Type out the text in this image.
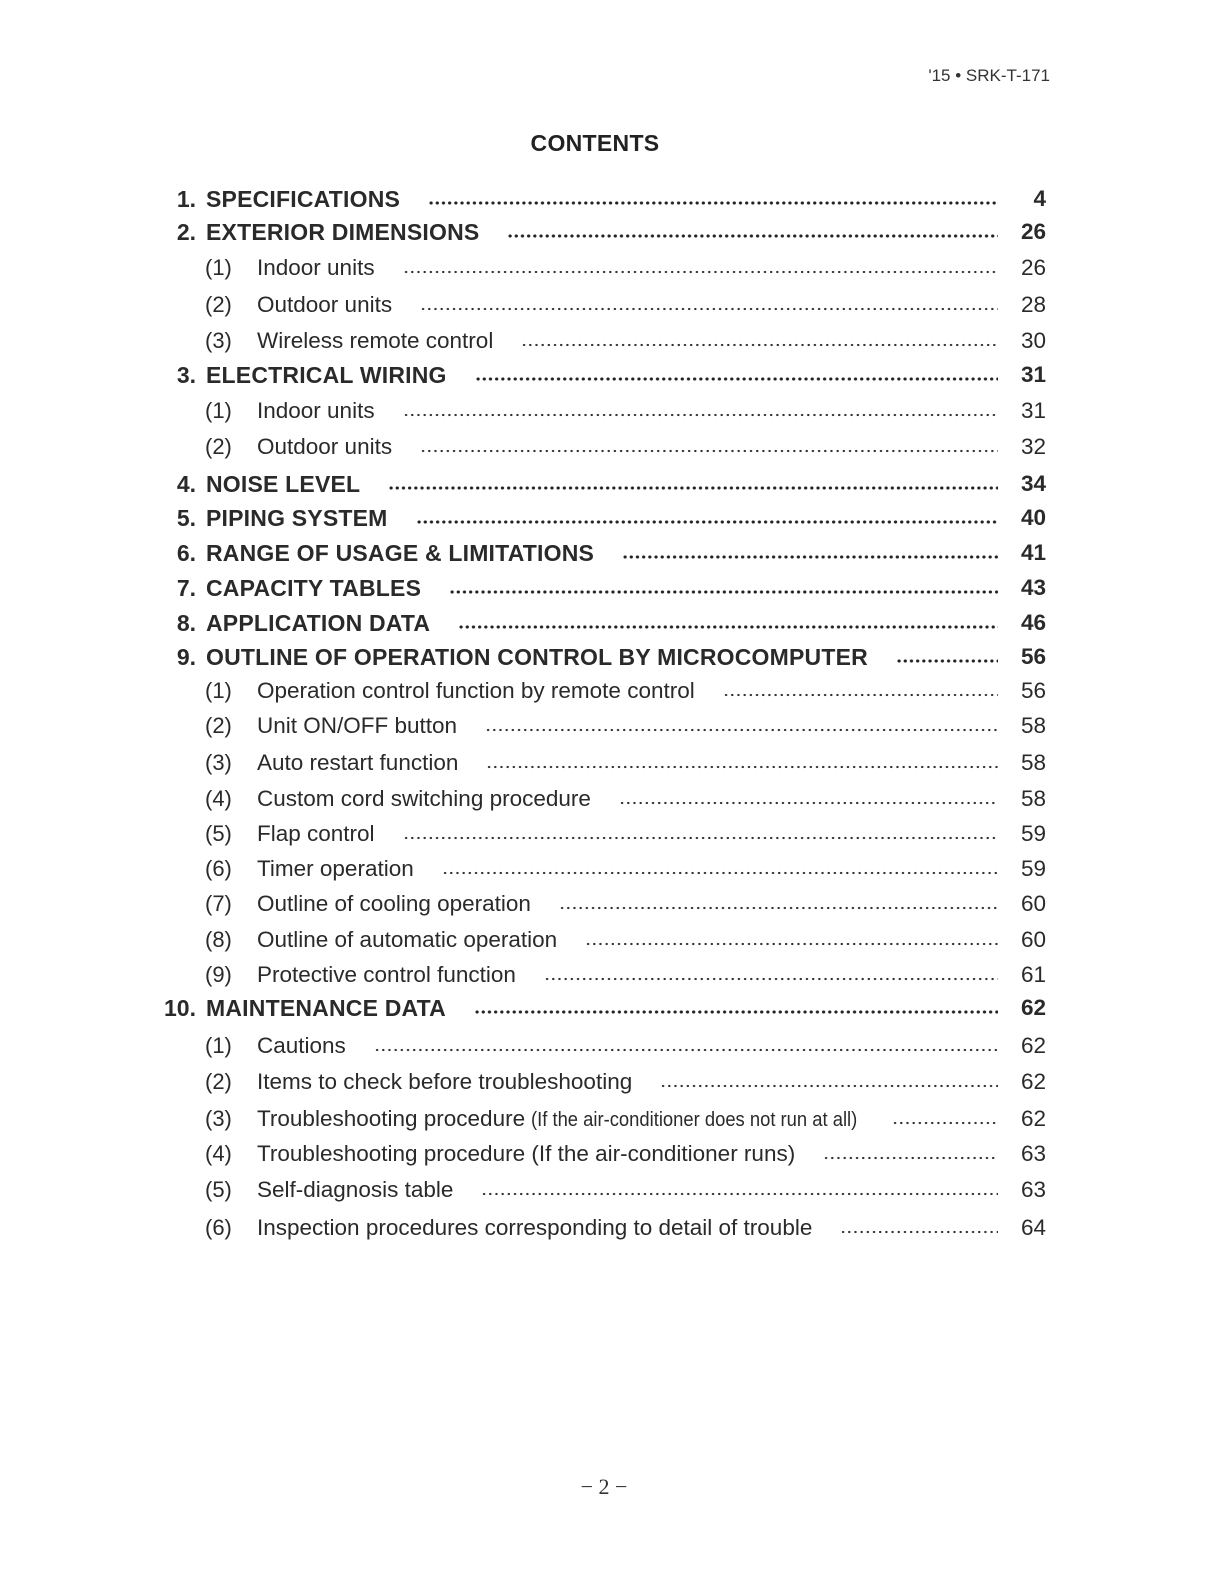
'15 • SRK-T-171
CONTENTS
1. SPECIFICATIONS	4
2. EXTERIOR DIMENSIONS	26
(1)	Indoor units	26
(2)	Outdoor units	28
(3)	Wireless remote control	30
3. ELECTRICAL WIRING	31
(1)	Indoor units	31
(2)	Outdoor units	32
4. NOISE LEVEL	34
5. PIPING SYSTEM	40
6. RANGE OF USAGE & LIMITATIONS	41
7. CAPACITY TABLES	43
8. APPLICATION DATA	46
9. OUTLINE OF OPERATION CONTROL BY MICROCOMPUTER	56
(1)	Operation control function by remote control	56
(2)	Unit ON/OFF button	58
(3)	Auto restart function	58
(4)	Custom cord switching procedure	58
(5)	Flap control	59
(6)	Timer operation	59
(7)	Outline of cooling operation	60
(8)	Outline of automatic operation	60
(9)	Protective control function	61
10. MAINTENANCE DATA	62
(1)	Cautions	62
(2)	Items to check before troubleshooting	62
(3)	Troubleshooting procedure (If the air-conditioner does not run at all)	62
(4)	Troubleshooting procedure (If the air-conditioner runs)	63
(5)	Self-diagnosis table	63
(6)	Inspection procedures corresponding to detail of trouble	64
− 2 −
